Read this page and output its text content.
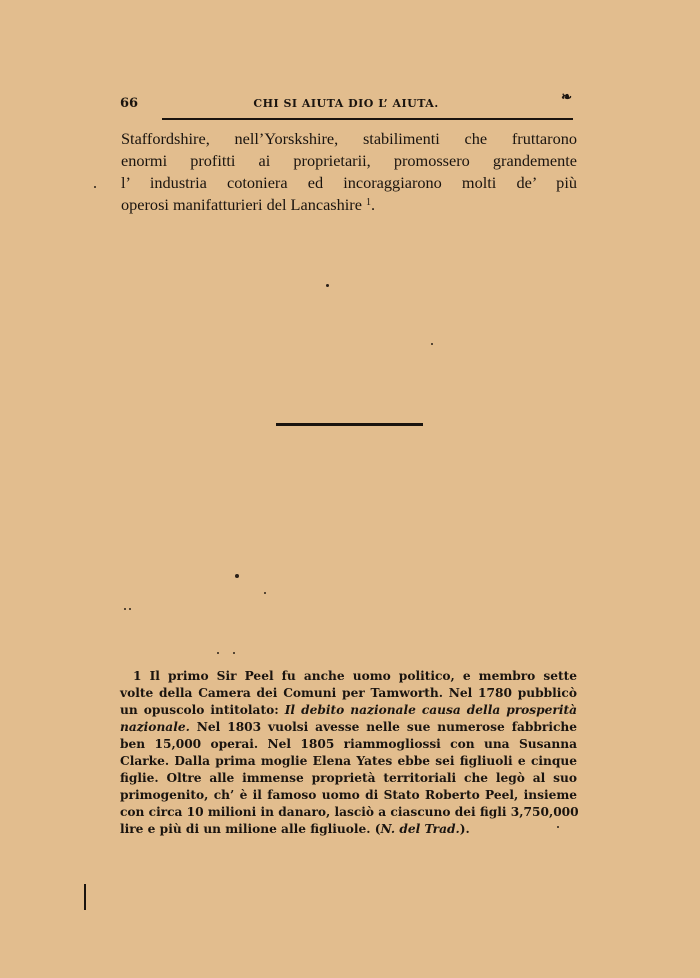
66	CHI SI AIUTA DIO L’ AIUTA.	❧
Staffordshire, nell’Yorskshire, stabilimenti che fruttarono
enormi profitti ai proprietarii, promossero grandemente
l’ industria cotoniera ed incoraggiarono molti de’ più
operosi manifatturieri del Lancashire $^1$.
1 Il primo Sir Peel fu anche uomo politico, e membro sette
volte della Camera dei Comuni per Tamworth. Nel 1780 pubblicò
un opuscolo intitolato: Il debito nazionale causa della prosperità
nazionale. Nel 1803 vuolsi avesse nelle sue numerose fabbriche
ben 15,000 operai. Nel 1805 riammogliossi con una Susanna
Clarke. Dalla prima moglie Elena Yates ebbe sei figliuoli e cinque
figlie. Oltre alle immense proprietà territoriali che legò al suo
primogenito, ch’ è il famoso uomo di Stato Roberto Peel, insieme
con circa 10 milioni in danaro, lasciò a ciascuno dei figli 3,750,000
lire e più di un milione alle figliuole. (N. del Trad.).
